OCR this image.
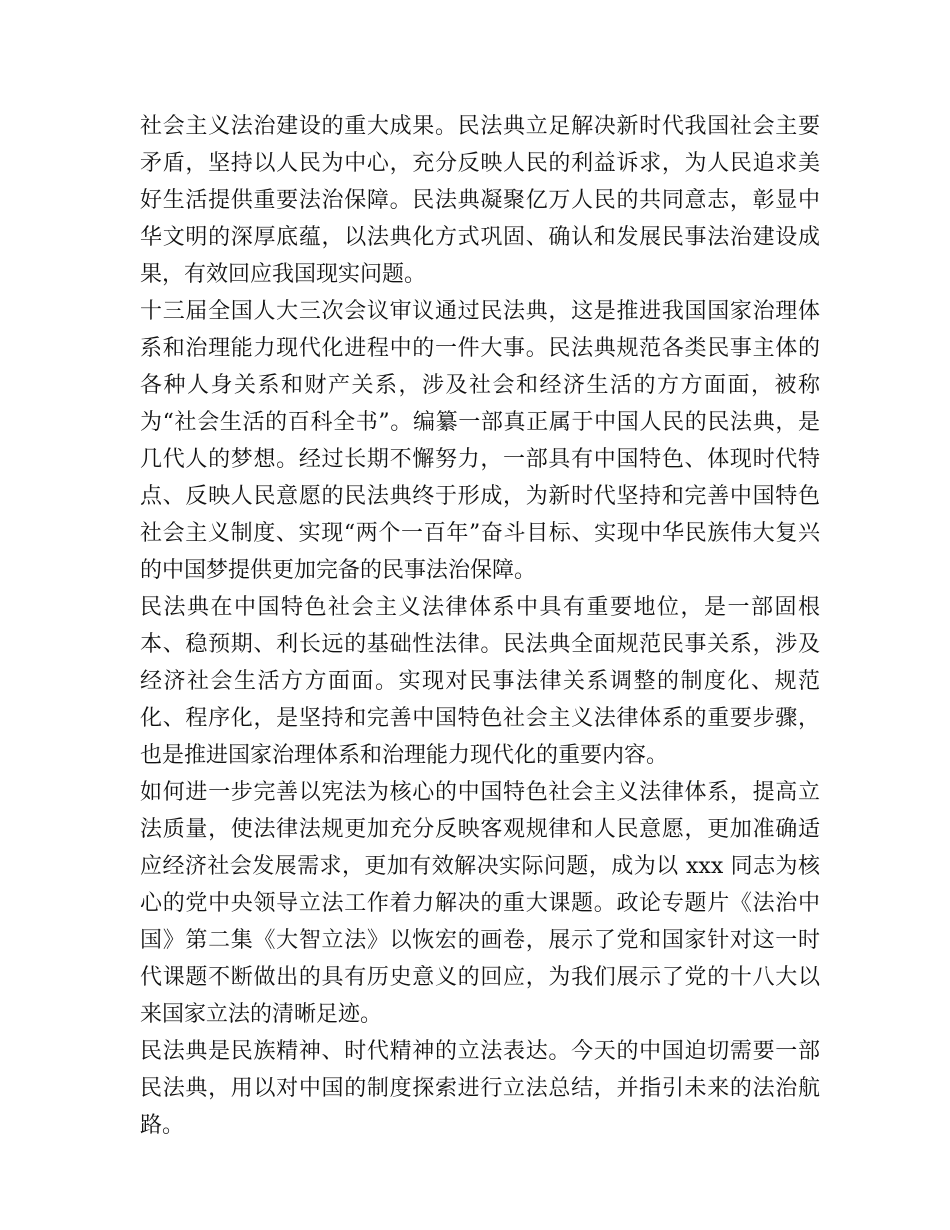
社会主义法治建设的重大成果。民法典立足解决新时代我国社会主要矛盾，坚持以人民为中心，充分反映人民的利益诉求，为人民追求美好生活提供重要法治保障。民法典凝聚亿万人民的共同意志，彰显中华文明的深厚底蕴，以法典化方式巩固、确认和发展民事法治建设成果，有效回应我国现实问题。

十三届全国人大三次会议审议通过民法典，这是推进我国国家治理体系和治理能力现代化进程中的一件大事。民法典规范各类民事主体的各种人身关系和财产关系，涉及社会和经济生活的方方面面，被称为“社会生活的百科全书”。编纂一部真正属于中国人民的民法典，是几代人的梦想。经过长期不懈努力，一部具有中国特色、体现时代特点、反映人民意愿的民法典终于形成，为新时代坚持和完善中国特色社会主义制度、实现“两个一百年”奋斗目标、实现中华民族伟大复兴的中国梦提供更加完备的民事法治保障。

民法典在中国特色社会主义法律体系中具有重要地位，是一部固根本、稳预期、利长远的基础性法律。民法典全面规范民事关系，涉及经济社会生活方方面面。实现对民事法律关系调整的制度化、规范化、程序化，是坚持和完善中国特色社会主义法律体系的重要步骤，也是推进国家治理体系和治理能力现代化的重要内容。

如何进一步完善以宪法为核心的中国特色社会主义法律体系，提高立法质量，使法律法规更加充分反映客观规律和人民意愿，更加准确适应经济社会发展需求，更加有效解决实际问题，成为以 xxx 同志为核心的党中央领导立法工作着力解决的重大课题。政论专题片《法治中国》第二集《大智立法》以恢宏的画卷，展示了党和国家针对这一时代课题不断做出的具有历史意义的回应，为我们展示了党的十八大以来国家立法的清晰足迹。

民法典是民族精神、时代精神的立法表达。今天的中国迫切需要一部民法典，用以对中国的制度探索进行立法总结，并指引未来的法治航路。
